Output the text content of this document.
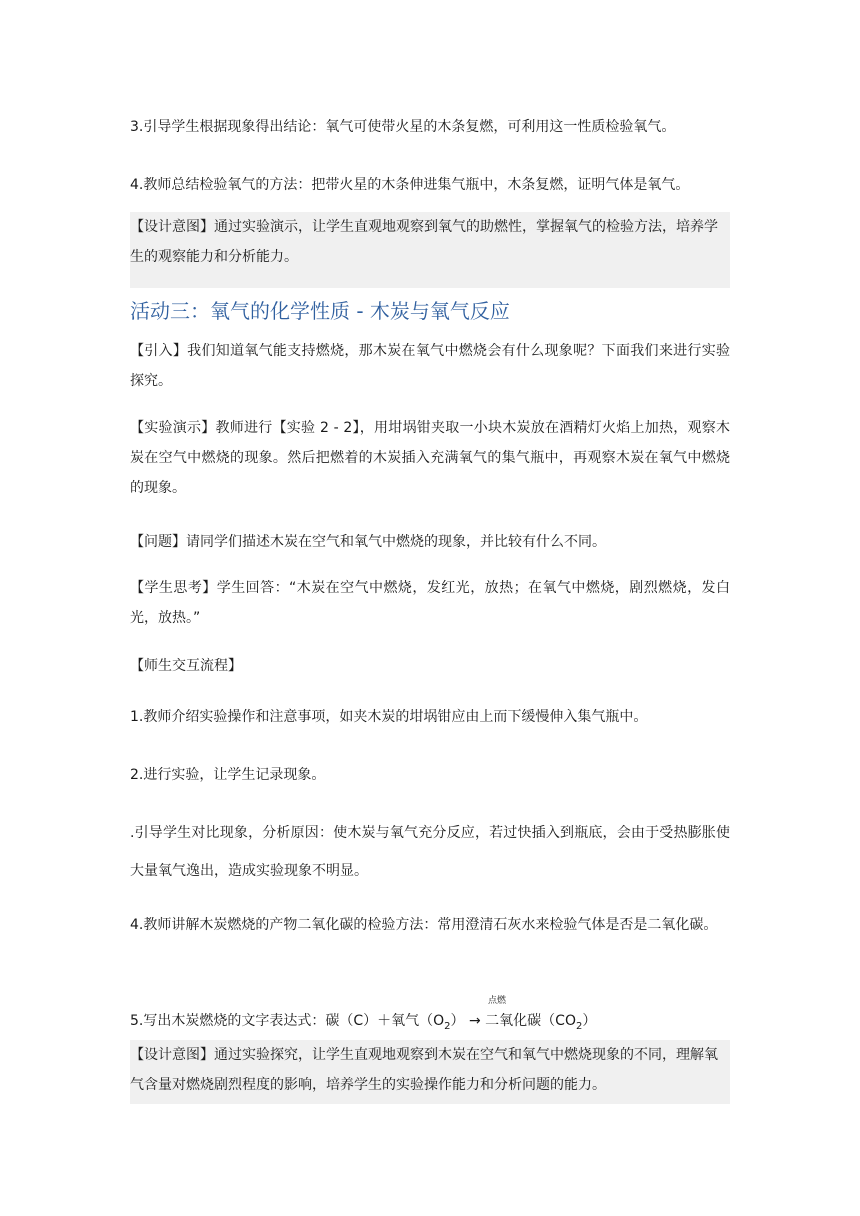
3.引导学生根据现象得出结论：氧气可使带火星的木条复燃，可利用这一性质检验氧气。
4.教师总结检验氧气的方法：把带火星的木条伸进集气瓶中，木条复燃，证明气体是氧气。
【设计意图】通过实验演示，让学生直观地观察到氧气的助燃性，掌握氧气的检验方法，培养学生的观察能力和分析能力。
活动三：氧气的化学性质 - 木炭与氧气反应
【引入】我们知道氧气能支持燃烧，那木炭在氧气中燃烧会有什么现象呢？下面我们来进行实验探究。
【实验演示】教师进行【实验 2 - 2】，用坩埚钳夹取一小块木炭放在酒精灯火焰上加热，观察木炭在空气中燃烧的现象。然后把燃着的木炭插入充满氧气的集气瓶中，再观察木炭在氧气中燃烧的现象。
【问题】请同学们描述木炭在空气和氧气中燃烧的现象，并比较有什么不同。
【学生思考】学生回答：“木炭在空气中燃烧，发红光，放热；在氧气中燃烧，剧烈燃烧，发白光，放热。”
【师生交互流程】
1.教师介绍实验操作和注意事项，如夹木炭的坩埚钳应由上而下缓慢伸入集气瓶中。
2.进行实验，让学生记录现象。
.引导学生对比现象，分析原因：使木炭与氧气充分反应，若过快插入到瓶底，会由于受热膨胀使大量氧气逸出，造成实验现象不明显。
4.教师讲解木炭燃烧的产物二氧化碳的检验方法：常用澄清石灰水来检验气体是否是二氧化碳。
点燃
5.写出木炭燃烧的文字表达式：碳（C）＋氧气$(O_2)$ → 二氧化碳$(CO_2)$
【设计意图】通过实验探究，让学生直观地观察到木炭在空气和氧气中燃烧现象的不同，理解氧气含量对燃烧剧烈程度的影响，培养学生的实验操作能力和分析问题的能力。
